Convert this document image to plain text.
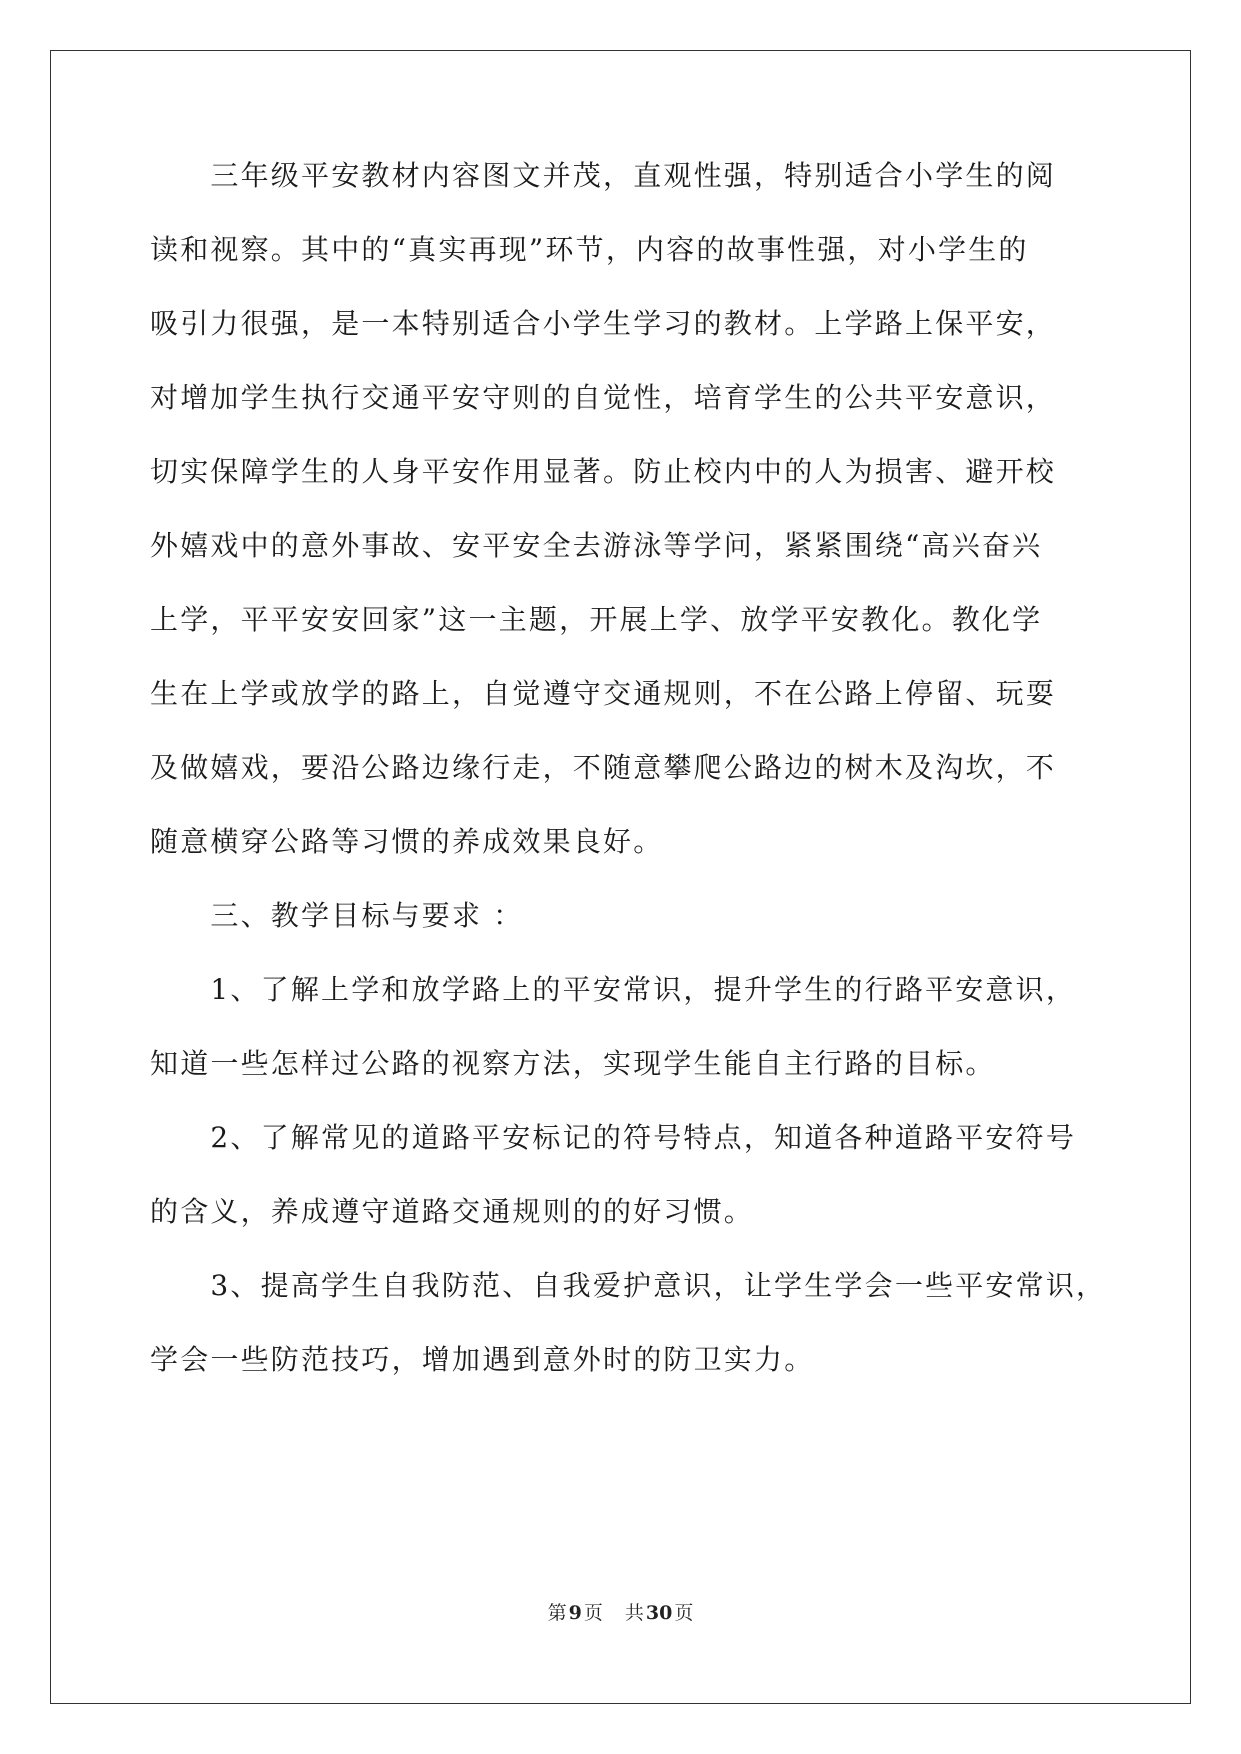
　　三年级平安教材内容图文并茂，直观性强，特别适合小学生的阅
读和视察。其中的“真实再现”环节，内容的故事性强，对小学生的
吸引力很强，是一本特别适合小学生学习的教材。上学路上保平安，
对增加学生执行交通平安守则的自觉性，培育学生的公共平安意识，
切实保障学生的人身平安作用显著。防止校内中的人为损害、避开校
外嬉戏中的意外事故、安平安全去游泳等学问，紧紧围绕“高兴奋兴
上学，平平安安回家”这一主题，开展上学、放学平安教化。教化学
生在上学或放学的路上，自觉遵守交通规则，不在公路上停留、玩耍
及做嬉戏，要沿公路边缘行走，不随意攀爬公路边的树木及沟坎，不
随意横穿公路等习惯的养成效果良好。
　　三、教学目标与要求 ：
　　1、了解上学和放学路上的平安常识，提升学生的行路平安意识，
知道一些怎样过公路的视察方法，实现学生能自主行路的目标。
　　2、了解常见的道路平安标记的符号特点，知道各种道路平安符号
的含义，养成遵守道路交通规则的的好习惯。
　　3、提高学生自我防范、自我爱护意识，让学生学会一些平安常识，
学会一些防范技巧，增加遇到意外时的防卫实力。
第 9 页 共 30 页
